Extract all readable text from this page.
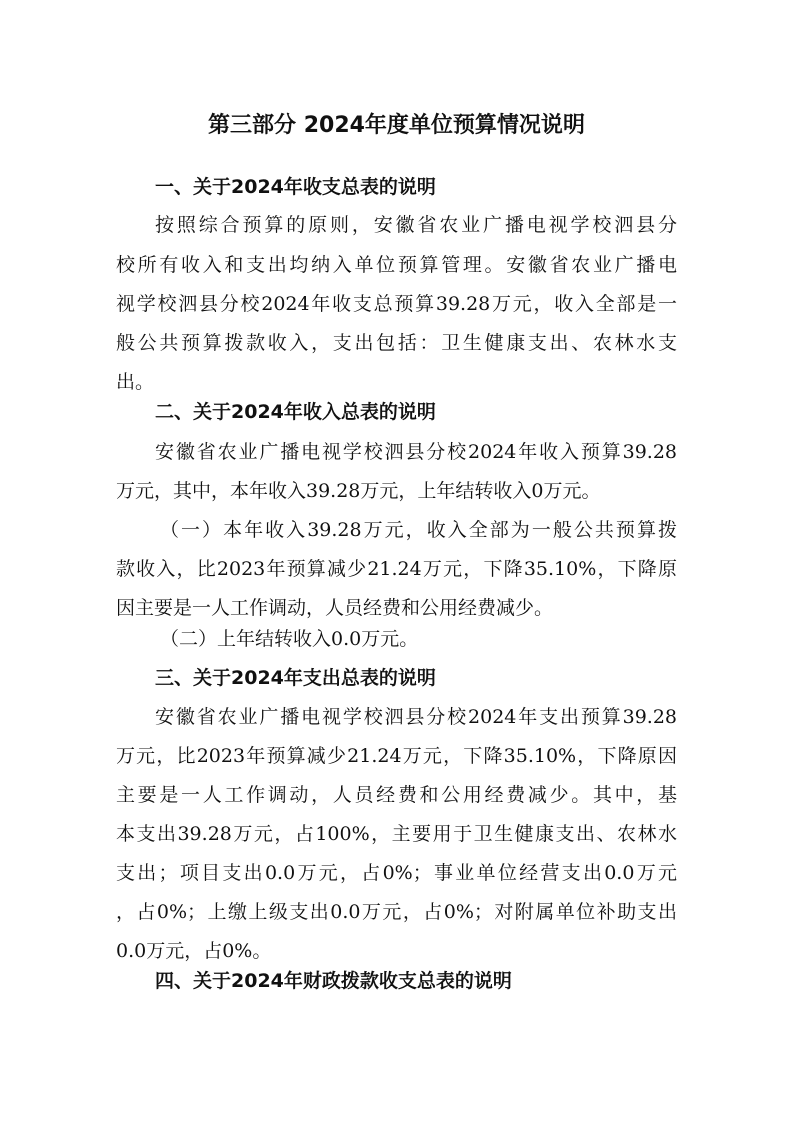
第三部分 2024年度单位预算情况说明
一、关于2024年收支总表的说明
按照综合预算的原则，安徽省农业广播电视学校泗县分
校所有收入和支出均纳入单位预算管理。安徽省农业广播电
视学校泗县分校2024年收支总预算39.28万元，收入全部是一
般公共预算拨款收入，支出包括：卫生健康支出、农林水支
出。
二、关于2024年收入总表的说明
安徽省农业广播电视学校泗县分校2024年收入预算39.28
万元，其中，本年收入39.28万元，上年结转收入0万元。
（一）本年收入39.28万元，收入全部为一般公共预算拨
款收入，比2023年预算减少21.24万元，下降35.10%，下降原
因主要是一人工作调动，人员经费和公用经费减少。
（二）上年结转收入0.0万元。
三、关于2024年支出总表的说明
安徽省农业广播电视学校泗县分校2024年支出预算39.28
万元，比2023年预算减少21.24万元，下降35.10%，下降原因
主要是一人工作调动，人员经费和公用经费减少。其中，基
本支出39.28万元，占100%，主要用于卫生健康支出、农林水
支出；项目支出0.0万元，占0%；事业单位经营支出0.0万元
，占0%；上缴上级支出0.0万元，占0%；对附属单位补助支出
0.0万元，占0%。
四、关于2024年财政拨款收支总表的说明
